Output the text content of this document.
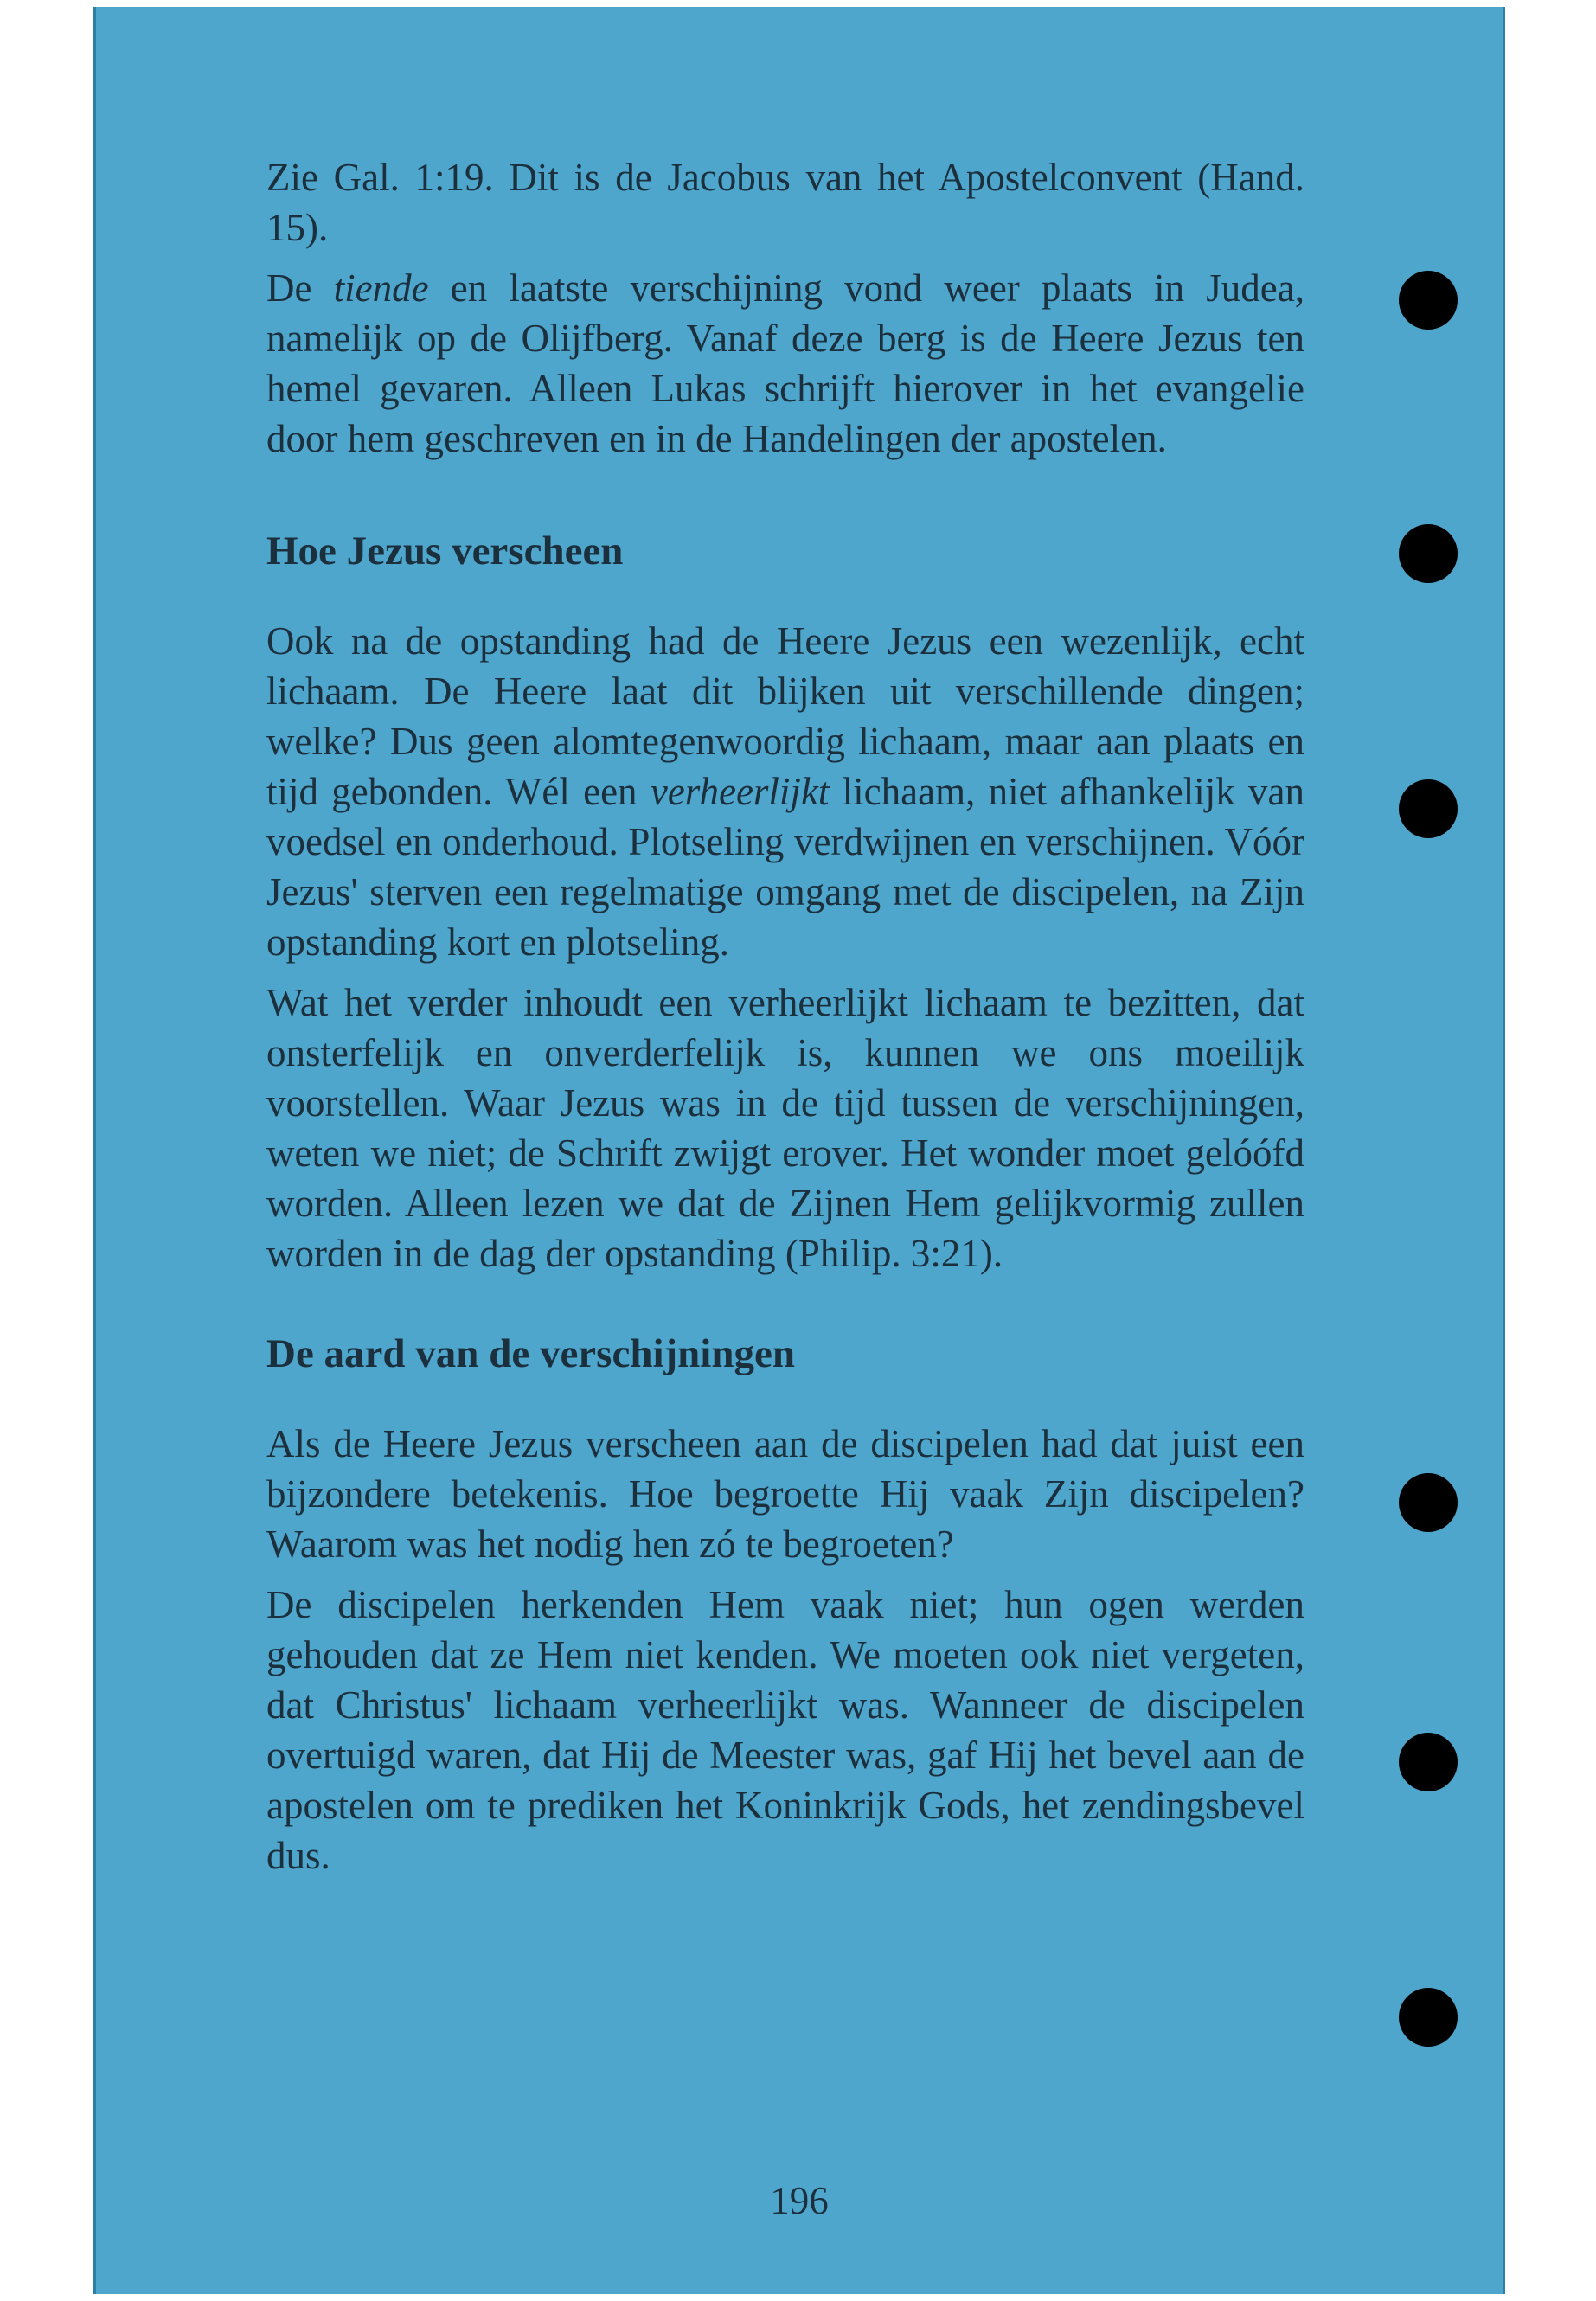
Zie Gal. 1:19. Dit is de Jacobus van het Apostelconvent (Hand. 15).

De tiende en laatste verschijning vond weer plaats in Judea, namelijk op de Olijfberg. Vanaf deze berg is de Heere Jezus ten hemel gevaren. Alleen Lukas schrijft hierover in het evangelie door hem geschreven en in de Handelingen der apostelen.

Hoe Jezus verscheen

Ook na de opstanding had de Heere Jezus een wezenlijk, echt lichaam. De Heere laat dit blijken uit verschillende dingen; welke? Dus geen alomtegenwoordig lichaam, maar aan plaats en tijd gebonden. Wél een verheerlijkt lichaam, niet afhankelijk van voedsel en onderhoud. Plotseling verdwijnen en verschijnen. Vóór Jezus' sterven een regelmatige omgang met de discipelen, na Zijn opstanding kort en plotseling.

Wat het verder inhoudt een verheerlijkt lichaam te bezitten, dat onsterfelijk en onverderfelijk is, kunnen we ons moeilijk voorstellen. Waar Jezus was in de tijd tussen de verschijningen, weten we niet; de Schrift zwijgt erover. Het wonder moet gelóófd worden. Alleen lezen we dat de Zijnen Hem gelijkvormig zullen worden in de dag der opstanding (Philip. 3:21).

De aard van de verschijningen

Als de Heere Jezus verscheen aan de discipelen had dat juist een bijzondere betekenis. Hoe begroette Hij vaak Zijn discipelen? Waarom was het nodig hen zó te begroeten?

De discipelen herkenden Hem vaak niet; hun ogen werden gehouden dat ze Hem niet kenden. We moeten ook niet vergeten, dat Christus' lichaam verheerlijkt was. Wanneer de discipelen overtuigd waren, dat Hij de Meester was, gaf Hij het bevel aan de apostelen om te prediken het Koninkrijk Gods, het zendingsbevel dus.

196
